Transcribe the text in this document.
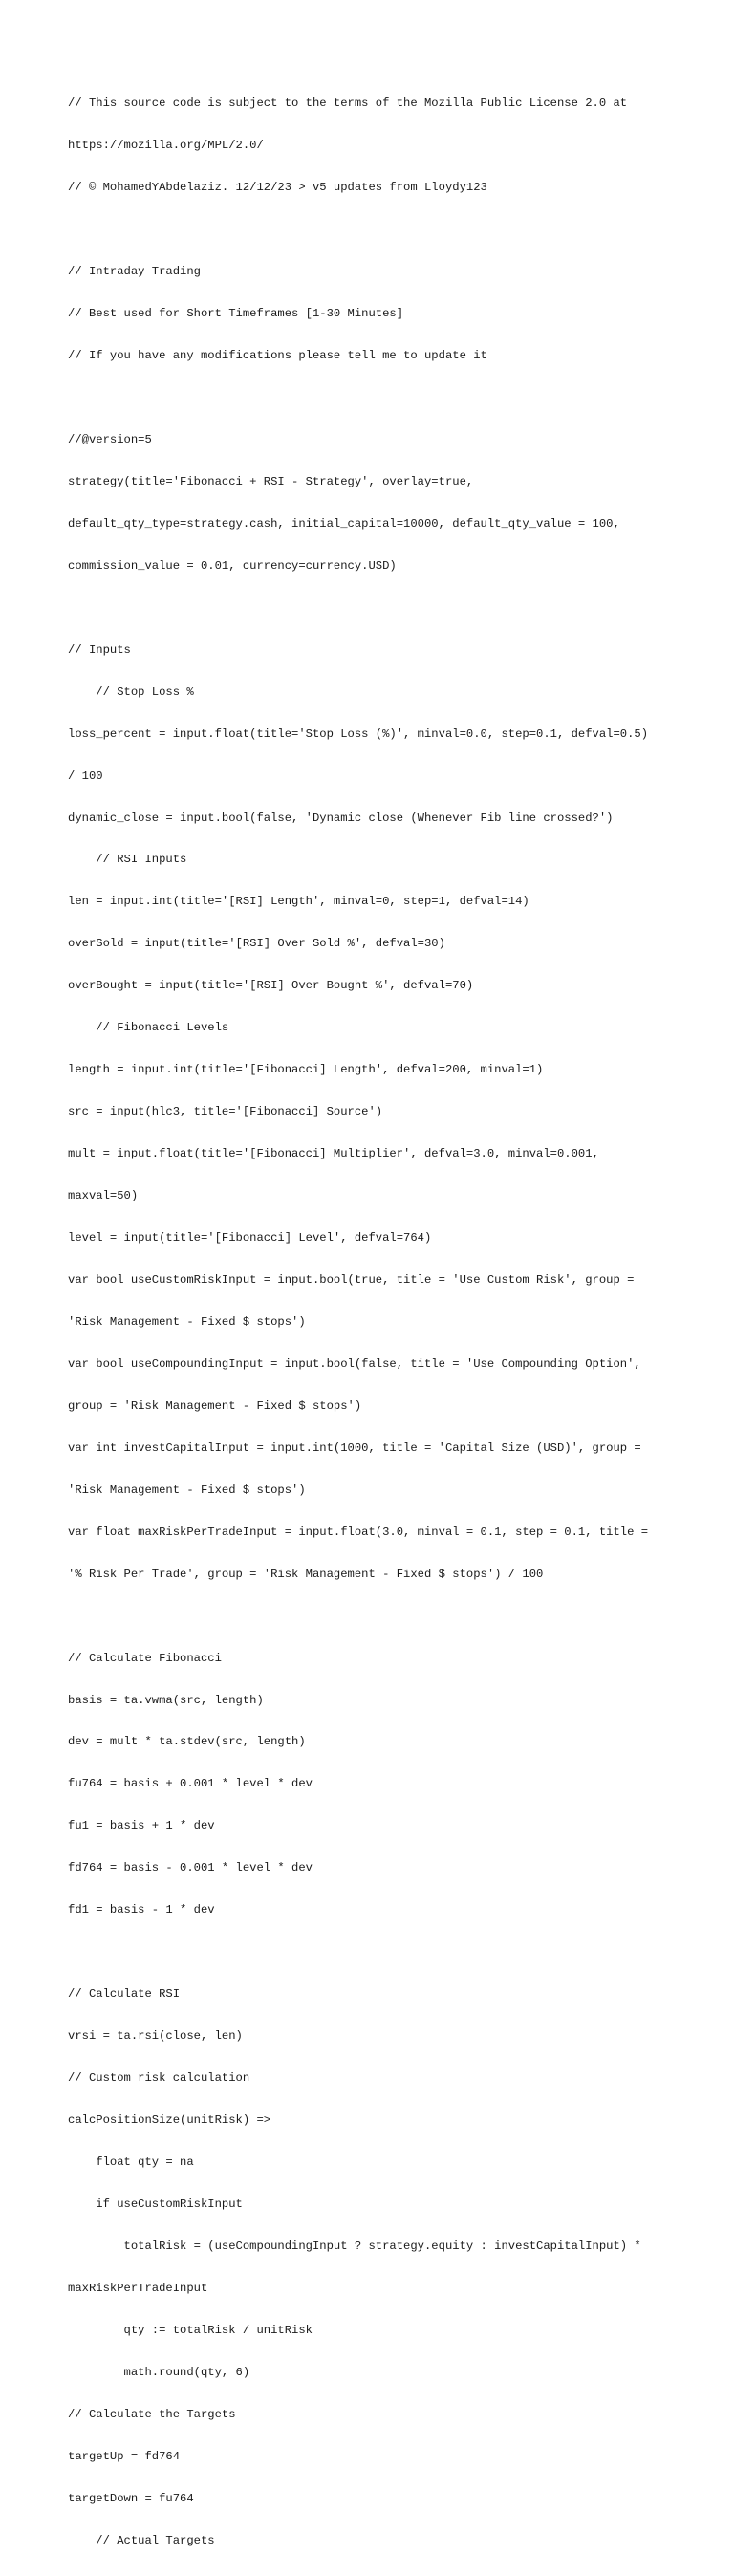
// This source code is subject to the terms of the Mozilla Public License 2.0 at

https://mozilla.org/MPL/2.0/

// © MohamedYAbdelaziz. 12/12/23 > v5 updates from Lloydy123

// Intraday Trading

// Best used for Short Timeframes [1-30 Minutes]

// If you have any modifications please tell me to update it

//@version=5

strategy(title='Fibonacci + RSI - Strategy', overlay=true,

default_qty_type=strategy.cash, initial_capital=10000, default_qty_value = 100,

commission_value = 0.01, currency=currency.USD)

// Inputs

// Stop Loss %

loss_percent = input.float(title='Stop Loss (%)', minval=0.0, step=0.1, defval=0.5)

/ 100

dynamic_close = input.bool(false, 'Dynamic close (Whenever Fib line crossed?')

// RSI Inputs

len = input.int(title='[RSI] Length', minval=0, step=1, defval=14)

overSold = input(title='[RSI] Over Sold %', defval=30)

overBought = input(title='[RSI] Over Bought %', defval=70)

// Fibonacci Levels

length = input.int(title='[Fibonacci] Length', defval=200, minval=1)

src = input(hlc3, title='[Fibonacci] Source')

mult = input.float(title='[Fibonacci] Multiplier', defval=3.0, minval=0.001,

maxval=50)

level = input(title='[Fibonacci] Level', defval=764)

var bool useCustomRiskInput = input.bool(true, title = 'Use Custom Risk', group =

'Risk Management - Fixed $ stops')

var bool useCompoundingInput = input.bool(false, title = 'Use Compounding Option',

group = 'Risk Management - Fixed $ stops')

var int investCapitalInput = input.int(1000, title = 'Capital Size (USD)', group =

'Risk Management - Fixed $ stops')

var float maxRiskPerTradeInput = input.float(3.0, minval = 0.1, step = 0.1, title =

'% Risk Per Trade', group = 'Risk Management - Fixed $ stops') / 100

// Calculate Fibonacci

basis = ta.vwma(src, length)

dev = mult * ta.stdev(src, length)

fu764 = basis + 0.001 * level * dev

fu1 = basis + 1 * dev

fd764 = basis - 0.001 * level * dev

fd1 = basis - 1 * dev

// Calculate RSI

vrsi = ta.rsi(close, len)

// Custom risk calculation

calcPositionSize(unitRisk) =>

float qty = na

if useCustomRiskInput

totalRisk = (useCompoundingInput ? strategy.equity : investCapitalInput) *

maxRiskPerTradeInput

qty := totalRisk / unitRisk

math.round(qty, 6)

// Calculate the Targets

targetUp = fd764

targetDown = fu764

// Actual Targets
